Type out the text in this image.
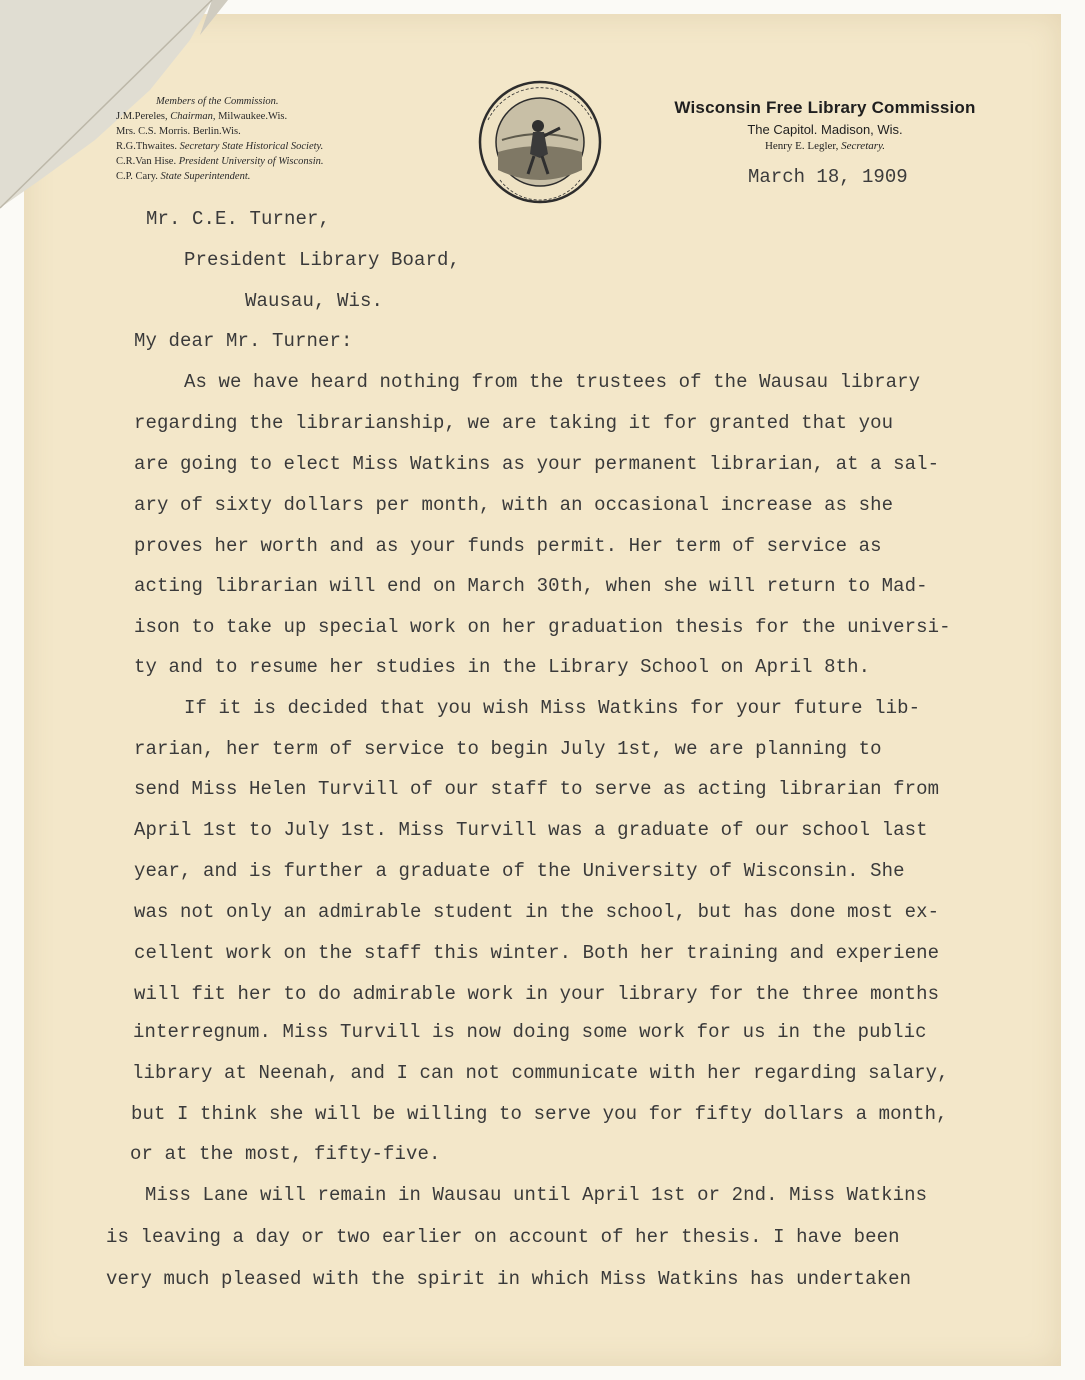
Members of the Commission.
J.M.Pereles, Chairman, Milwaukee.Wis.
Mrs. C.S. Morris. Berlin.Wis.
R.G.Thwaites. Secretary State Historical Society.
C.R.Van Hise. President University of Wisconsin.
C.P. Cary. State Superintendent.
Wisconsin Free Library Commission
The Capitol. Madison, Wis.
Henry E. Legler, Secretary.
March 18, 1909
Mr. C.E. Turner,
President Library Board,
Wausau, Wis.
My dear Mr. Turner:
As we have heard nothing from the trustees of the Wausau library
regarding the librarianship, we are taking it for granted that you
are going to elect Miss Watkins as your permanent librarian, at a sal-
ary of sixty dollars per month, with an occasional increase as she
proves her worth and as your funds permit. Her term of service as
acting librarian will end on March 30th, when she will return to Mad-
ison to take up special work on her graduation thesis for the universi-
ty and to resume her studies in the Library School on April 8th.
If it is decided that you wish Miss Watkins for your future lib-
rarian, her term of service to begin July 1st, we are planning to
send Miss Helen Turvill of our staff to serve as acting librarian from
April 1st to July 1st. Miss Turvill was a graduate of our school last
year, and is further a graduate of the University of Wisconsin. She
was not only an admirable student in the school, but has done most ex-
cellent work on the staff this winter. Both her training and experiene
will fit her to do admirable work in your library for the three months
interregnum. Miss Turvill is now doing some work for us in the public
library at Neenah, and I can not communicate with her regarding salary,
but I think she will be willing to serve you for fifty dollars a month,
or at the most, fifty-five.
Miss Lane will remain in Wausau until April 1st or 2nd. Miss Watkins
is leaving a day or two earlier on account of her thesis. I have been
very much pleased with the spirit in which Miss Watkins has undertaken
